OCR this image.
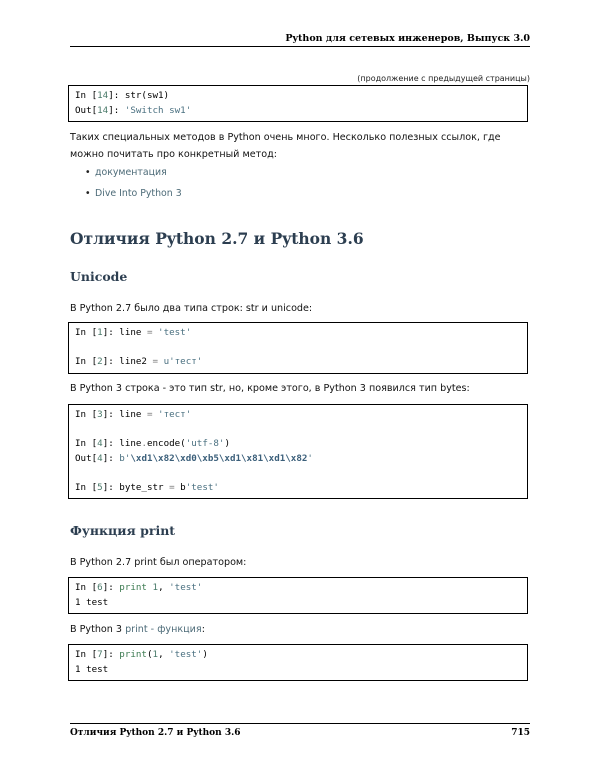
Python для сетевых инженеров, Выпуск 3.0
(продолжение с предыдущей страницы)
In [14]: str(sw1)
Out[14]: 'Switch sw1'
Таких специальных методов в Python очень много. Несколько полезных ссылок, где можно почитать про конкретный метод:
• документация
• Dive Into Python 3
Отличия Python 2.7 и Python 3.6
Unicode
В Python 2.7 было два типа строк: str и unicode:
In [1]: line = 'test'
In [2]: line2 = u'тест'
В Python 3 строка - это тип str, но, кроме этого, в Python 3 появился тип bytes:
In [3]: line = 'тест'
In [4]: line.encode('utf-8')
Out[4]: b'\xd1\x82\xd0\xb5\xd1\x81\xd1\x82'
In [5]: byte_str = b'test'
Функция print
В Python 2.7 print был оператором:
In [6]: print 1, 'test'
1 test
В Python 3 print - функция:
In [7]: print(1, 'test')
1 test
Отличия Python 2.7 и Python 3.6	715
